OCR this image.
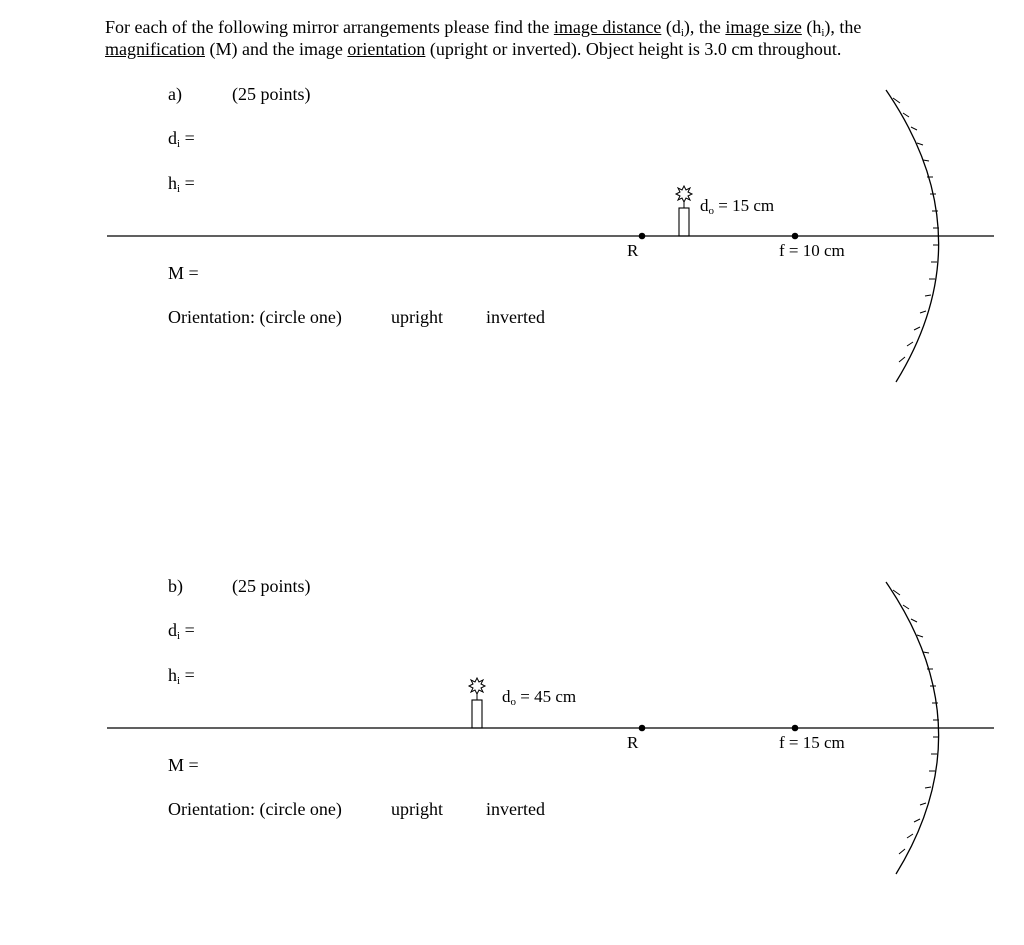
For each of the following mirror arrangements please find the image distance $(d_i)$, the image size $(h_i)$, the
magnification (M) and the image orientation (upright or inverted). Object height is 3.0 cm throughout.
a)	(25 points)
$d_i$ =
$h_i$ =
M =
Orientation: (circle one)	upright inverted
$d_o = 15$ cm
R	f = 10 cm
b)	(25 points)
$d_i$ =
$h_i$ =
M =
Orientation: (circle one)	upright inverted
$d_o = 45$ cm
R	f = 15 cm
